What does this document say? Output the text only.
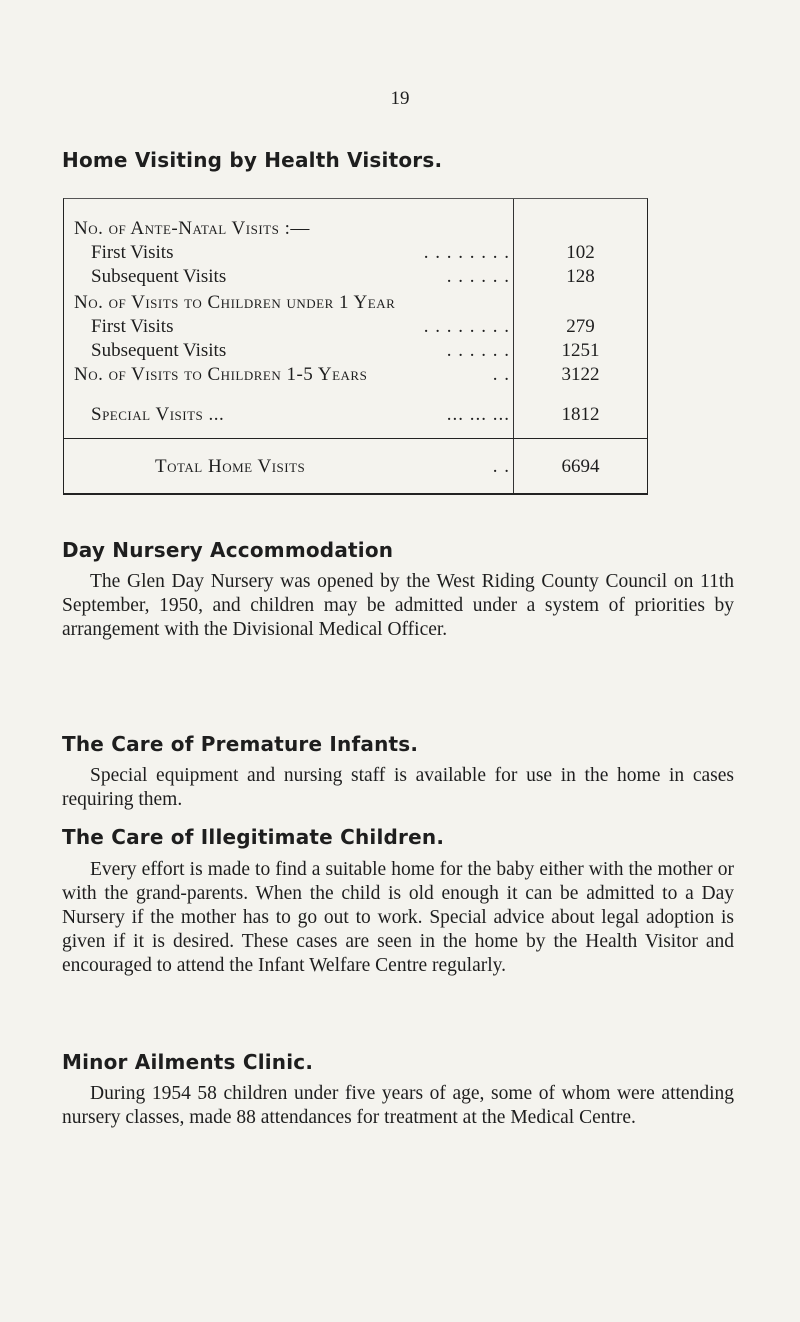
19
Home Visiting by Health Visitors.
No. of Ante-Natal Visits :—
First Visits	. . . . . . . .	102
Subsequent Visits	. . . . . .	128
No. of Visits to Children under 1 Year
First Visits	. . . . . . . .	279
Subsequent Visits	. . . . . .	1251
No. of Visits to Children 1-5 Years	. .	3122
Special Visits ...	... ... ...	1812
Total Home Visits	. .	6694
Day Nursery Accommodation

The Glen Day Nursery was opened by the West Riding County Council on 11th September, 1950, and children may be admitted under a system of priorities by arrangement with the Divisional Medical Officer.

The Care of Premature Infants.

Special equipment and nursing staff is available for use in the home in cases requiring them.

The Care of Illegitimate Children.

Every effort is made to find a suitable home for the baby either with the mother or with the grand-parents. When the child is old enough it can be admitted to a Day Nursery if the mother has to go out to work. Special advice about legal adoption is given if it is desired. These cases are seen in the home by the Health Visitor and encouraged to attend the Infant Welfare Centre regularly.

Minor Ailments Clinic.

During 1954 58 children under five years of age, some of whom were attending nursery classes, made 88 attendances for treatment at the Medical Centre.
